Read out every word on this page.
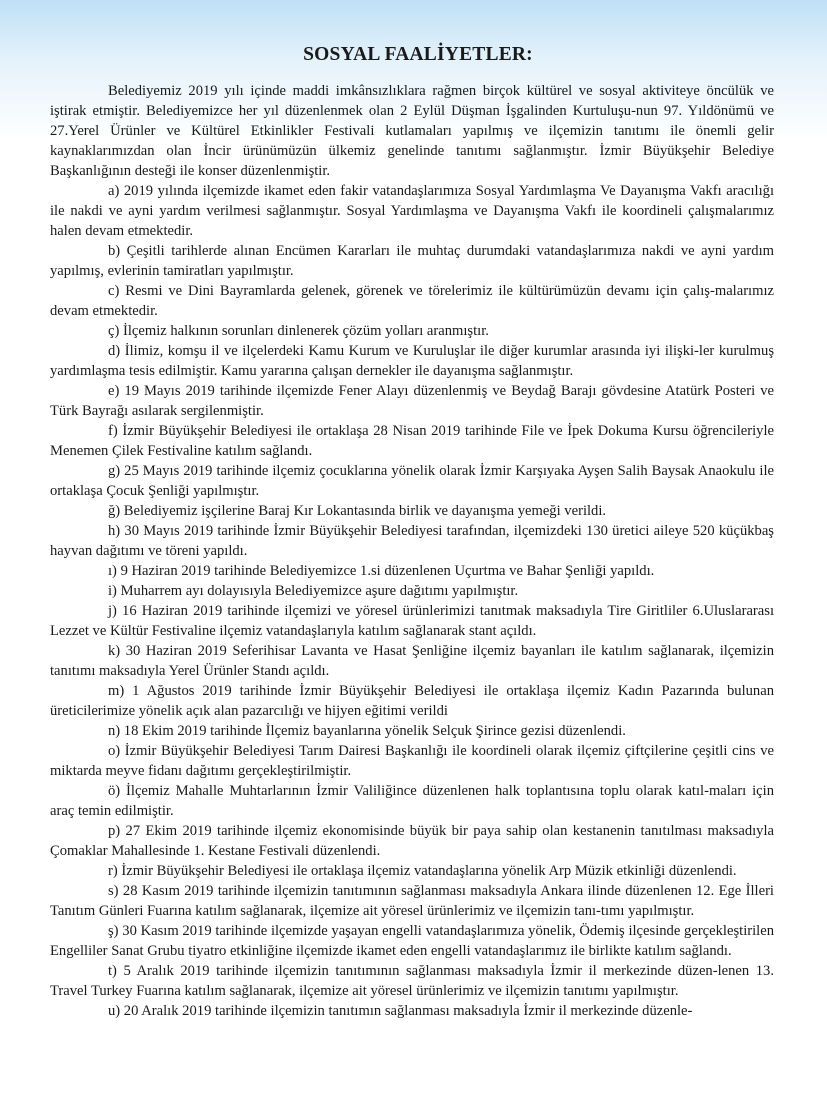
SOSYAL FAALİYETLER:

Belediyemiz 2019 yılı içinde maddi imkânsızlıklara rağmen birçok kültürel ve sosyal aktiviteye öncülük ve iştirak etmiştir. Belediyemizce her yıl düzenlenmek olan 2 Eylül Düşman İşgalinden Kurtuluşu-nun 97. Yıldönümü ve 27.Yerel Ürünler ve Kültürel Etkinlikler Festivali kutlamaları yapılmış ve ilçemizin tanıtımı ile önemli gelir kaynaklarımızdan olan İncir ürünümüzün ülkemiz genelinde tanıtımı sağlanmıştır. İzmir Büyükşehir Belediye Başkanlığının desteği ile konser düzenlenmiştir.

a) 2019 yılında ilçemizde ikamet eden fakir vatandaşlarımıza Sosyal Yardımlaşma Ve Dayanışma Vakfı aracılığı ile nakdi ve ayni yardım verilmesi sağlanmıştır. Sosyal Yardımlaşma ve Dayanışma Vakfı ile koordineli çalışmalarımız halen devam etmektedir.

b) Çeşitli tarihlerde alınan Encümen Kararları ile muhtaç durumdaki vatandaşlarımıza nakdi ve ayni yardım yapılmış, evlerinin tamiratları yapılmıştır.

c) Resmi ve Dini Bayramlarda gelenek, görenek ve törelerimiz ile kültürümüzün devamı için çalış-malarımız devam etmektedir.

ç) İlçemiz halkının sorunları dinlenerek çözüm yolları aranmıştır.

d) İlimiz, komşu il ve ilçelerdeki Kamu Kurum ve Kuruluşlar ile diğer kurumlar arasında iyi ilişki-ler kurulmuş yardımlaşma tesis edilmiştir. Kamu yararına çalışan dernekler ile dayanışma sağlanmıştır.

e) 19 Mayıs 2019 tarihinde ilçemizde Fener Alayı düzenlenmiş ve Beydağ Barajı gövdesine Atatürk Posteri ve Türk Bayrağı asılarak sergilenmiştir.

f) İzmir Büyükşehir Belediyesi ile ortaklaşa 28 Nisan 2019 tarihinde File ve İpek Dokuma Kursu öğrencileriyle Menemen Çilek Festivaline katılım sağlandı.

g) 25 Mayıs 2019 tarihinde ilçemiz çocuklarına yönelik olarak İzmir Karşıyaka Ayşen Salih Baysak Anaokulu ile ortaklaşa Çocuk Şenliği yapılmıştır.

ğ) Belediyemiz işçilerine Baraj Kır Lokantasında birlik ve dayanışma yemeği verildi.

h) 30 Mayıs 2019 tarihinde İzmir Büyükşehir Belediyesi tarafından, ilçemizdeki 130 üretici aileye 520 küçükbaş hayvan dağıtımı ve töreni yapıldı.

ı) 9 Haziran 2019 tarihinde Belediyemizce 1.si düzenlenen Uçurtma ve Bahar Şenliği yapıldı.

i) Muharrem ayı dolayısıyla Belediyemizce aşure dağıtımı yapılmıştır.

j) 16 Haziran 2019 tarihinde ilçemizi ve yöresel ürünlerimizi tanıtmak maksadıyla Tire Giritliler 6.Uluslararası Lezzet ve Kültür Festivaline ilçemiz vatandaşlarıyla katılım sağlanarak stant açıldı.

k) 30 Haziran 2019 Seferihisar Lavanta ve Hasat Şenliğine ilçemiz bayanları ile katılım sağlanarak, ilçemizin tanıtımı maksadıyla Yerel Ürünler Standı açıldı.

m) 1 Ağustos 2019 tarihinde İzmir Büyükşehir Belediyesi ile ortaklaşa ilçemiz Kadın Pazarında bulunan üreticilerimize yönelik açık alan pazarcılığı ve hijyen eğitimi verildi

n) 18 Ekim 2019 tarihinde İlçemiz bayanlarına yönelik Selçuk Şirince gezisi düzenlendi.

o) İzmir Büyükşehir Belediyesi Tarım Dairesi Başkanlığı ile koordineli olarak ilçemiz çiftçilerine çeşitli cins ve miktarda meyve fidanı dağıtımı gerçekleştirilmiştir.

ö) İlçemiz Mahalle Muhtarlarının İzmir Valiliğince düzenlenen halk toplantısına toplu olarak katıl-maları için araç temin edilmiştir.

p) 27 Ekim 2019 tarihinde ilçemiz ekonomisinde büyük bir paya sahip olan kestanenin tanıtılması maksadıyla Çomaklar Mahallesinde 1. Kestane Festivali düzenlendi.

r) İzmir Büyükşehir Belediyesi ile ortaklaşa ilçemiz vatandaşlarına yönelik Arp Müzik etkinliği düzenlendi.

s) 28 Kasım 2019 tarihinde ilçemizin tanıtımının sağlanması maksadıyla Ankara ilinde düzenlenen 12. Ege İlleri Tanıtım Günleri Fuarına katılım sağlanarak, ilçemize ait yöresel ürünlerimiz ve ilçemizin tanı-tımı yapılmıştır.

ş) 30 Kasım 2019 tarihinde ilçemizde yaşayan engelli vatandaşlarımıza yönelik, Ödemiş ilçesinde gerçekleştirilen Engelliler Sanat Grubu tiyatro etkinliğine ilçemizde ikamet eden engelli vatandaşlarımız ile birlikte katılım sağlandı.

t) 5 Aralık 2019 tarihinde ilçemizin tanıtımının sağlanması maksadıyla İzmir il merkezinde düzen-lenen 13. Travel Turkey Fuarına katılım sağlanarak, ilçemize ait yöresel ürünlerimiz ve ilçemizin tanıtımı yapılmıştır.

u) 20 Aralık 2019 tarihinde ilçemizin tanıtımın sağlanması maksadıyla İzmir il merkezinde düzenle-
